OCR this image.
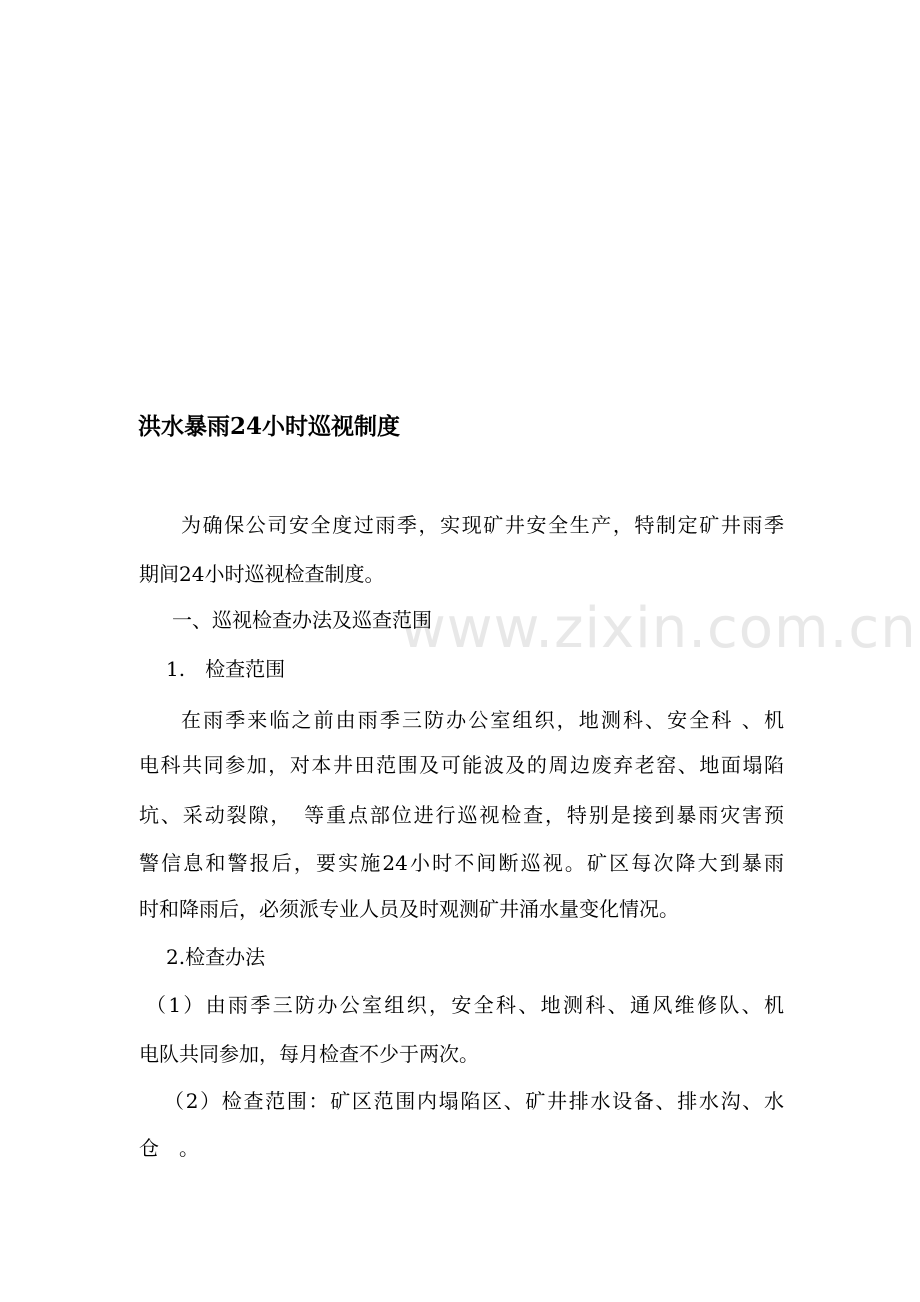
www.zixin.com.cn
洪水暴雨24小时巡视制度
为确保公司安全度过雨季，实现矿井安全生产，特制定矿井雨季
期间24小时巡视检查制度。
一、巡视检查办法及巡查范围
1.　检查范围
在雨季来临之前由雨季三防办公室组织，地测科、安全科 、机
电科共同参加，对本井田范围及可能波及的周边废弃老窑、地面塌陷
坑、采动裂隙，　等重点部位进行巡视检查，特别是接到暴雨灾害预
警信息和警报后，要实施24小时不间断巡视。矿区每次降大到暴雨
时和降雨后，必须派专业人员及时观测矿井涌水量变化情况。
2.检查办法
（1）由雨季三防办公室组织，安全科、地测科、通风维修队、机
电队共同参加，每月检查不少于两次。
（2）检查范围：矿区范围内塌陷区、矿井排水设备、排水沟、水
仓　。
